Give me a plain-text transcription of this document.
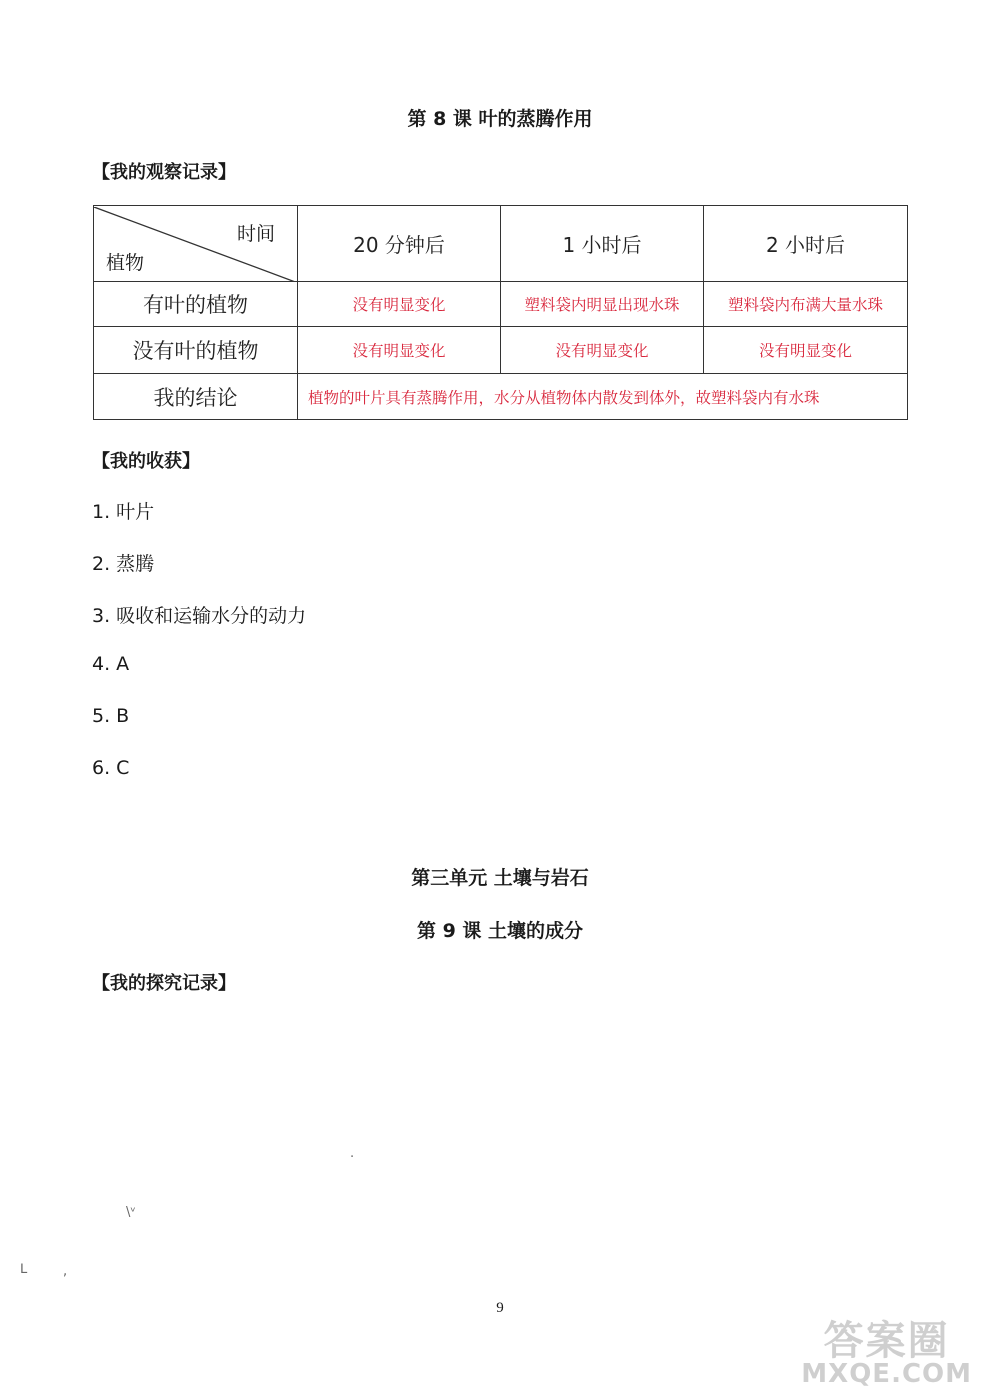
第 8 课 叶的蒸腾作用
【我的观察记录】
时间
植物	20 分钟后	1 小时后	2 小时后
有叶的植物	没有明显变化	塑料袋内明显出现水珠	塑料袋内布满大量水珠
没有叶的植物	没有明显变化	没有明显变化	没有明显变化
我的结论	植物的叶片具有蒸腾作用，水分从植物体内散发到体外，故塑料袋内有水珠		
【我的收获】
1. 叶片
2. 蒸腾
3. 吸收和运输水分的动力
4. A
5. B
6. C
第三单元 土壤与岩石
第 9 课 土壤的成分
【我的探究记录】
·
\ᵛ
ᒪ	,
9
答案圈
MXQE.COM
